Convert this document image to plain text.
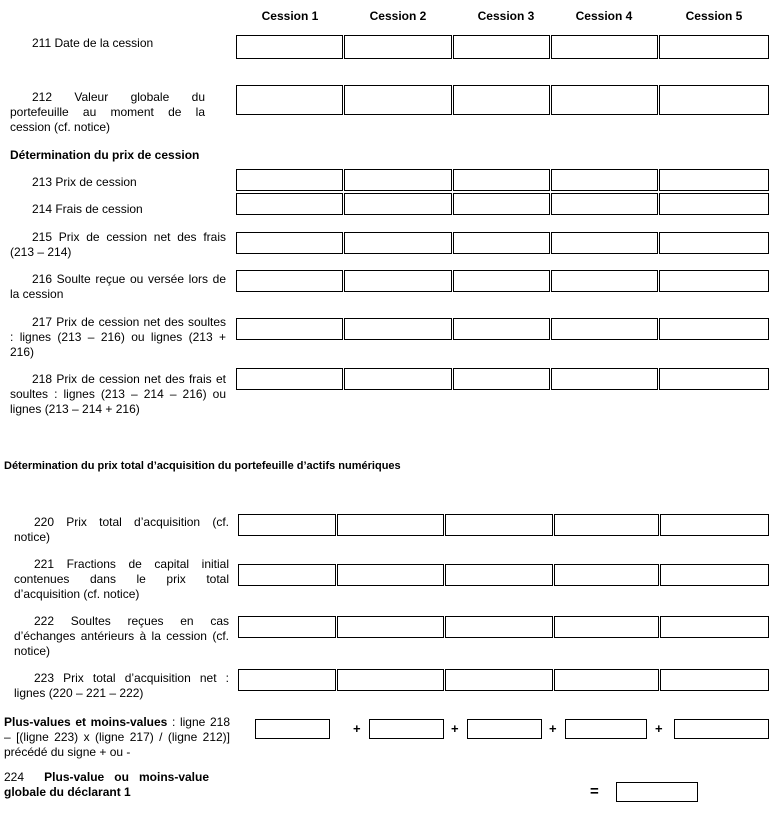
Cession 1	Cession 2	Cession 3	Cession 4	Cession 5
211 Date de la cession
212 Valeur globale du portefeuille au moment de la cession (cf. notice)
Détermination du prix de cession
213 Prix de cession
214 Frais de cession
215 Prix de cession net des frais (213 – 214)
216 Soulte reçue ou versée lors de la cession
217 Prix de cession net des soultes : lignes (213 – 216) ou lignes (213 + 216)
218 Prix de cession net des frais et soultes : lignes (213 – 214 – 216) ou lignes (213 – 214 + 216)
Détermination du prix total d’acquisition du portefeuille d’actifs numériques
220 Prix total d’acquisition (cf. notice)
221 Fractions de capital initial contenues dans le prix total d’acquisition (cf. notice)
222 Soultes reçues en cas d’échanges antérieurs à la cession (cf. notice)
223 Prix total d’acquisition net : lignes (220 – 221 – 222)
Plus-values et moins-values : ligne 218 – [(ligne 223) x (ligne 217) / (ligne 212)] précédé du signe + ou -
+	+	+	+
224 Plus-value ou moins-value globale du déclarant 1	=
